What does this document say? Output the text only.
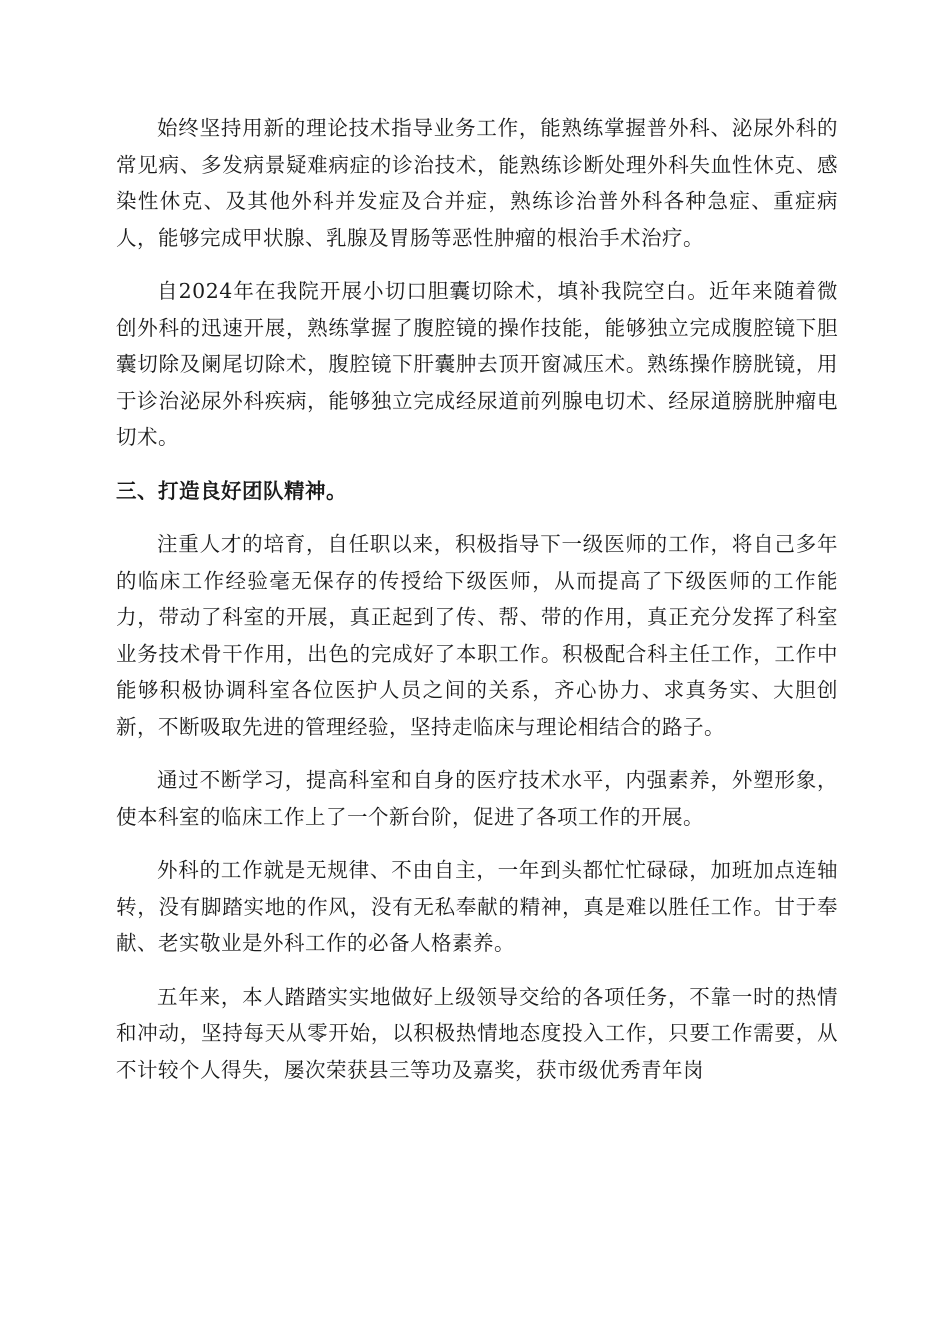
始终坚持用新的理论技术指导业务工作，能熟练掌握普外科、泌尿外科的常见病、多发病景疑难病症的诊治技术，能熟练诊断处理外科失血性休克、感染性休克、及其他外科并发症及合并症，熟练诊治普外科各种急症、重症病人，能够完成甲状腺、乳腺及胃肠等恶性肿瘤的根治手术治疗。

自2024年在我院开展小切口胆囊切除术，填补我院空白。近年来随着微创外科的迅速开展，熟练掌握了腹腔镜的操作技能，能够独立完成腹腔镜下胆囊切除及阑尾切除术，腹腔镜下肝囊肿去顶开窗减压术。熟练操作膀胱镜，用于诊治泌尿外科疾病，能够独立完成经尿道前列腺电切术、经尿道膀胱肿瘤电切术。

三、打造良好团队精神。

注重人才的培育，自任职以来，积极指导下一级医师的工作，将自己多年的临床工作经验毫无保存的传授给下级医师，从而提高了下级医师的工作能力，带动了科室的开展，真正起到了传、帮、带的作用，真正充分发挥了科室业务技术骨干作用，出色的完成好了本职工作。积极配合科主任工作，工作中能够积极协调科室各位医护人员之间的关系，齐心协力、求真务实、大胆创新，不断吸取先进的管理经验，坚持走临床与理论相结合的路子。

通过不断学习，提高科室和自身的医疗技术水平，内强素养，外塑形象，使本科室的临床工作上了一个新台阶，促进了各项工作的开展。

外科的工作就是无规律、不由自主，一年到头都忙忙碌碌，加班加点连轴转，没有脚踏实地的作风，没有无私奉献的精神，真是难以胜任工作。甘于奉献、老实敬业是外科工作的必备人格素养。

五年来，本人踏踏实实地做好上级领导交给的各项任务，不靠一时的热情和冲动，坚持每天从零开始，以积极热情地态度投入工作，只要工作需要，从不计较个人得失，屡次荣获县三等功及嘉奖，获市级优秀青年岗
